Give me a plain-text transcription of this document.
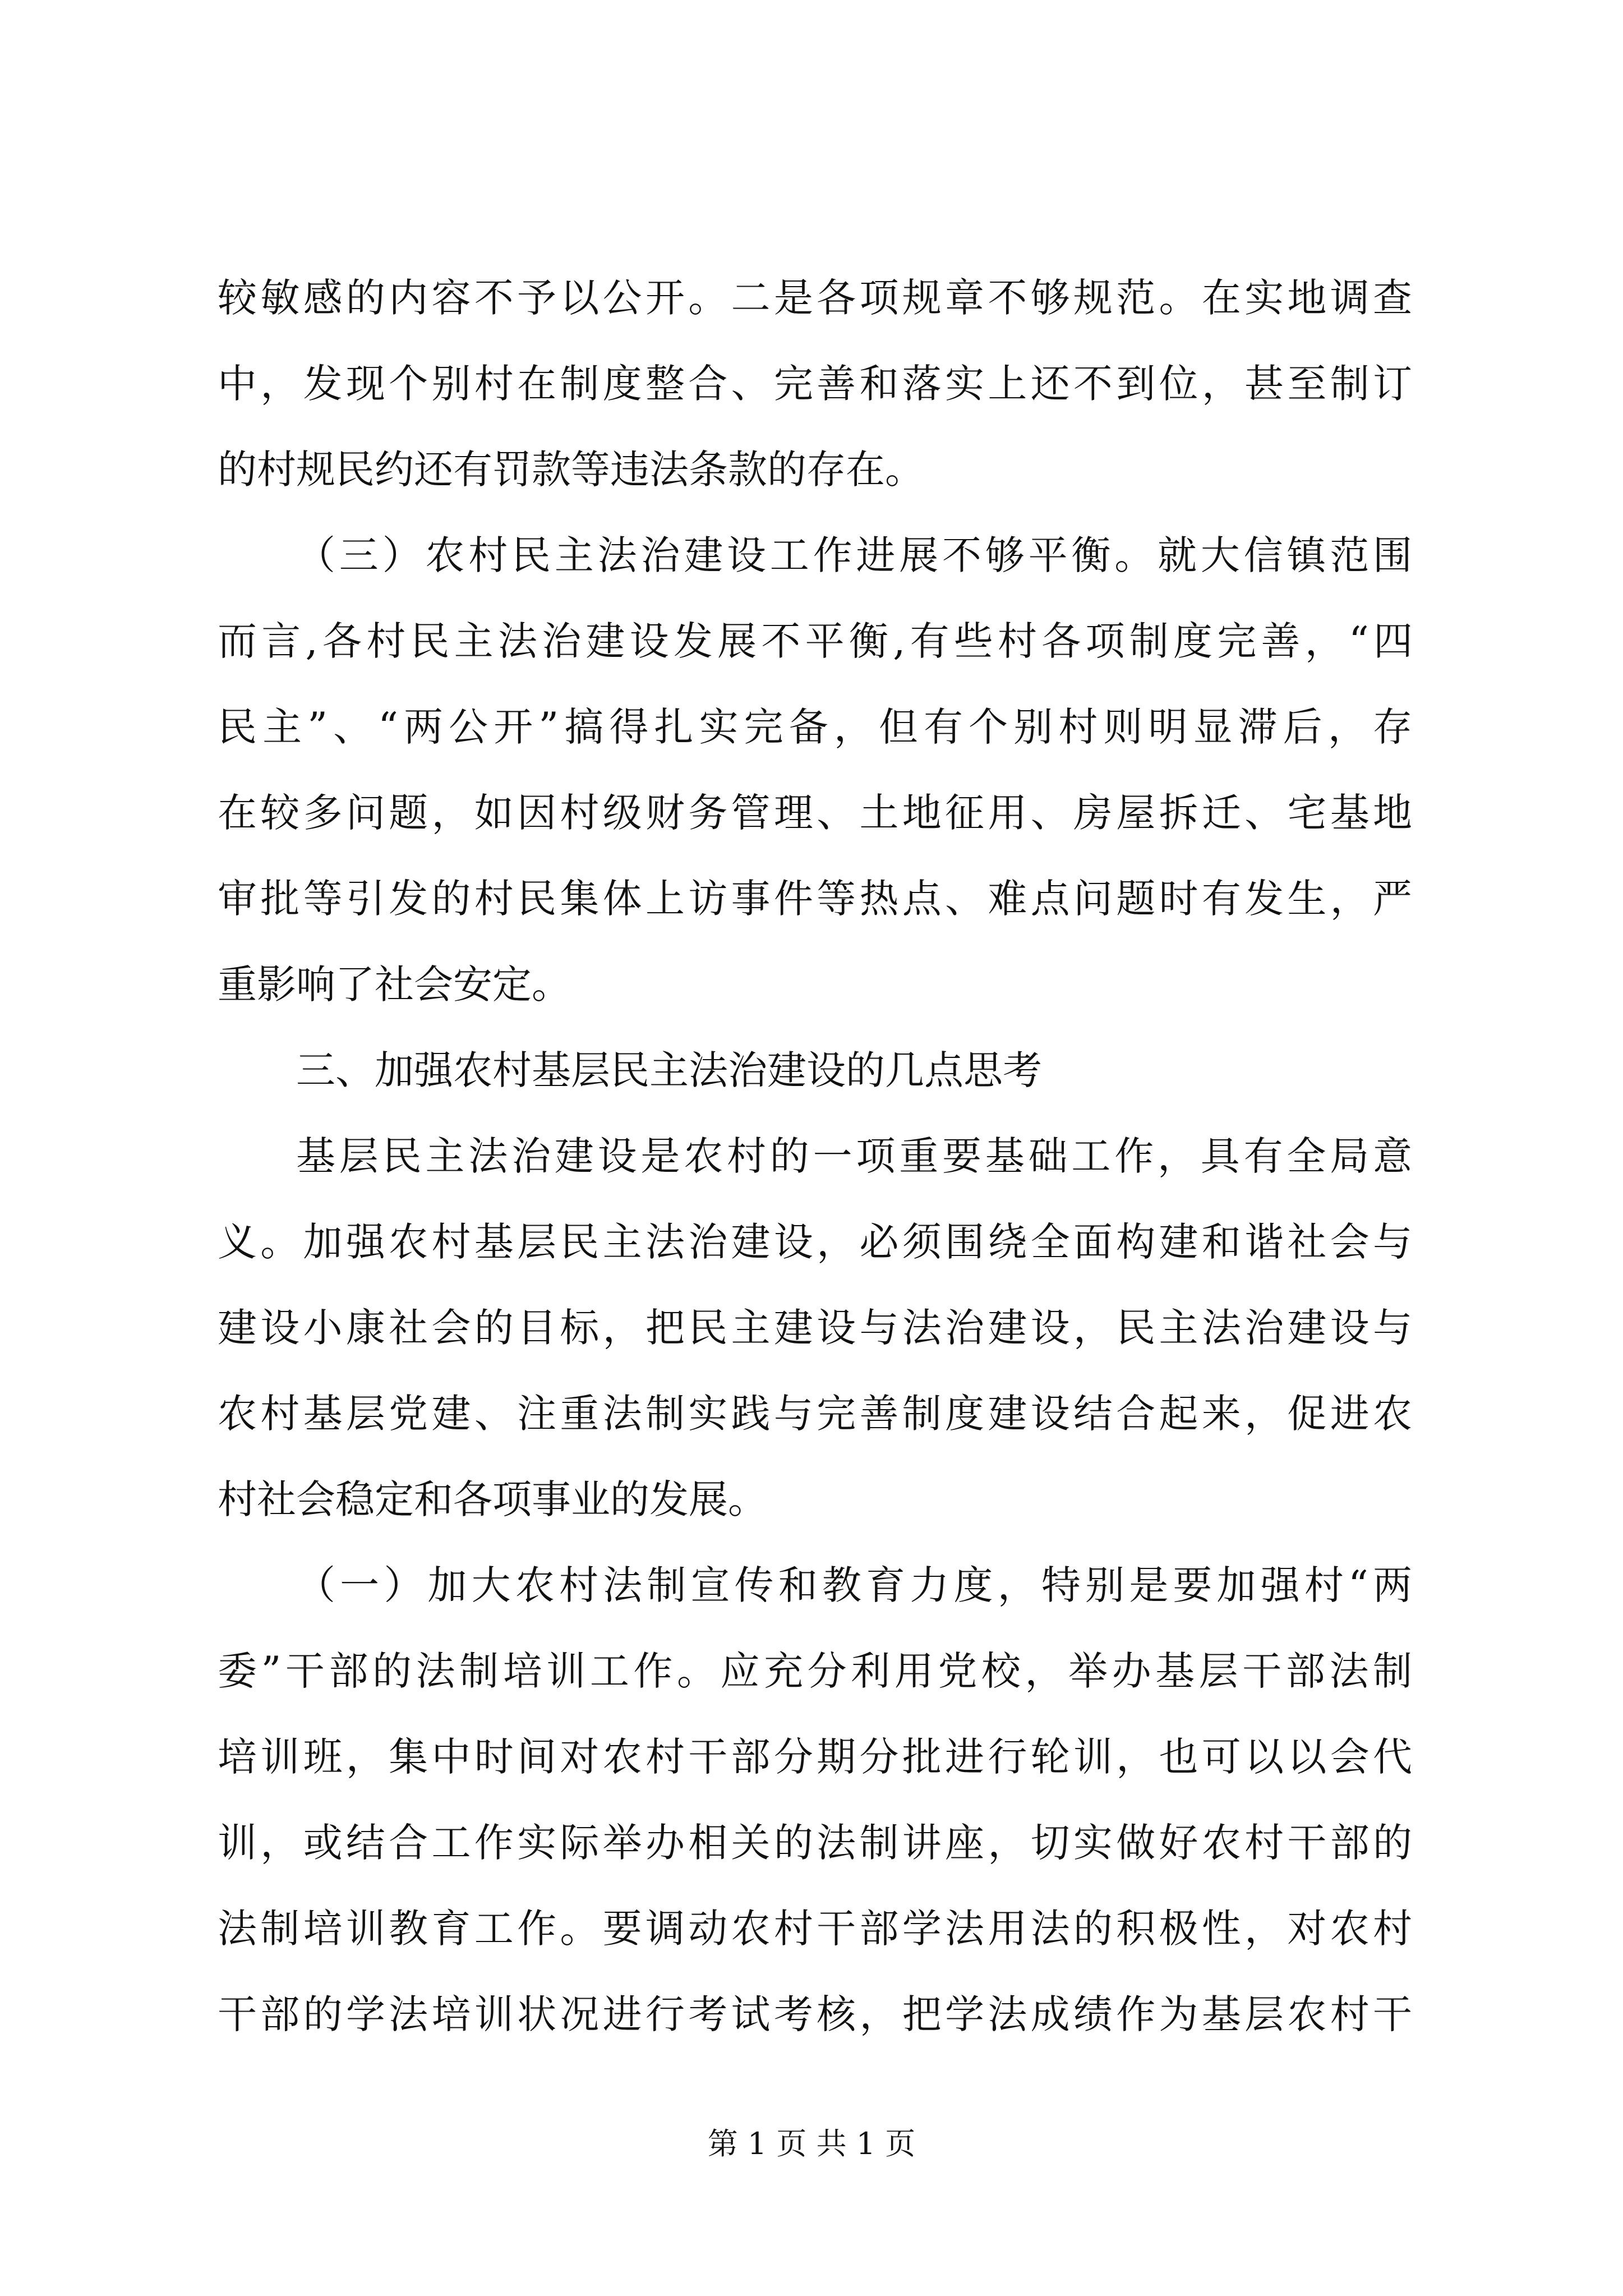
较敏感的内容不予以公开。二是各项规章不够规范。在实地调查
中，发现个别村在制度整合、完善和落实上还不到位，甚至制订
的村规民约还有罚款等违法条款的存在。
（三）农村民主法治建设工作进展不够平衡。就大信镇范围
而言,各村民主法治建设发展不平衡,有些村各项制度完善，“四
民主”、“两公开”搞得扎实完备，但有个别村则明显滞后，存
在较多问题，如因村级财务管理、土地征用、房屋拆迁、宅基地
审批等引发的村民集体上访事件等热点、难点问题时有发生，严
重影响了社会安定。
三、加强农村基层民主法治建设的几点思考
基层民主法治建设是农村的一项重要基础工作，具有全局意
义。加强农村基层民主法治建设，必须围绕全面构建和谐社会与
建设小康社会的目标，把民主建设与法治建设，民主法治建设与
农村基层党建、注重法制实践与完善制度建设结合起来，促进农
村社会稳定和各项事业的发展。
（一）加大农村法制宣传和教育力度，特别是要加强村“两
委”干部的法制培训工作。应充分利用党校，举办基层干部法制
培训班，集中时间对农村干部分期分批进行轮训，也可以以会代
训，或结合工作实际举办相关的法制讲座，切实做好农村干部的
法制培训教育工作。要调动农村干部学法用法的积极性，对农村
干部的学法培训状况进行考试考核，把学法成绩作为基层农村干
第 1 页 共 1 页
